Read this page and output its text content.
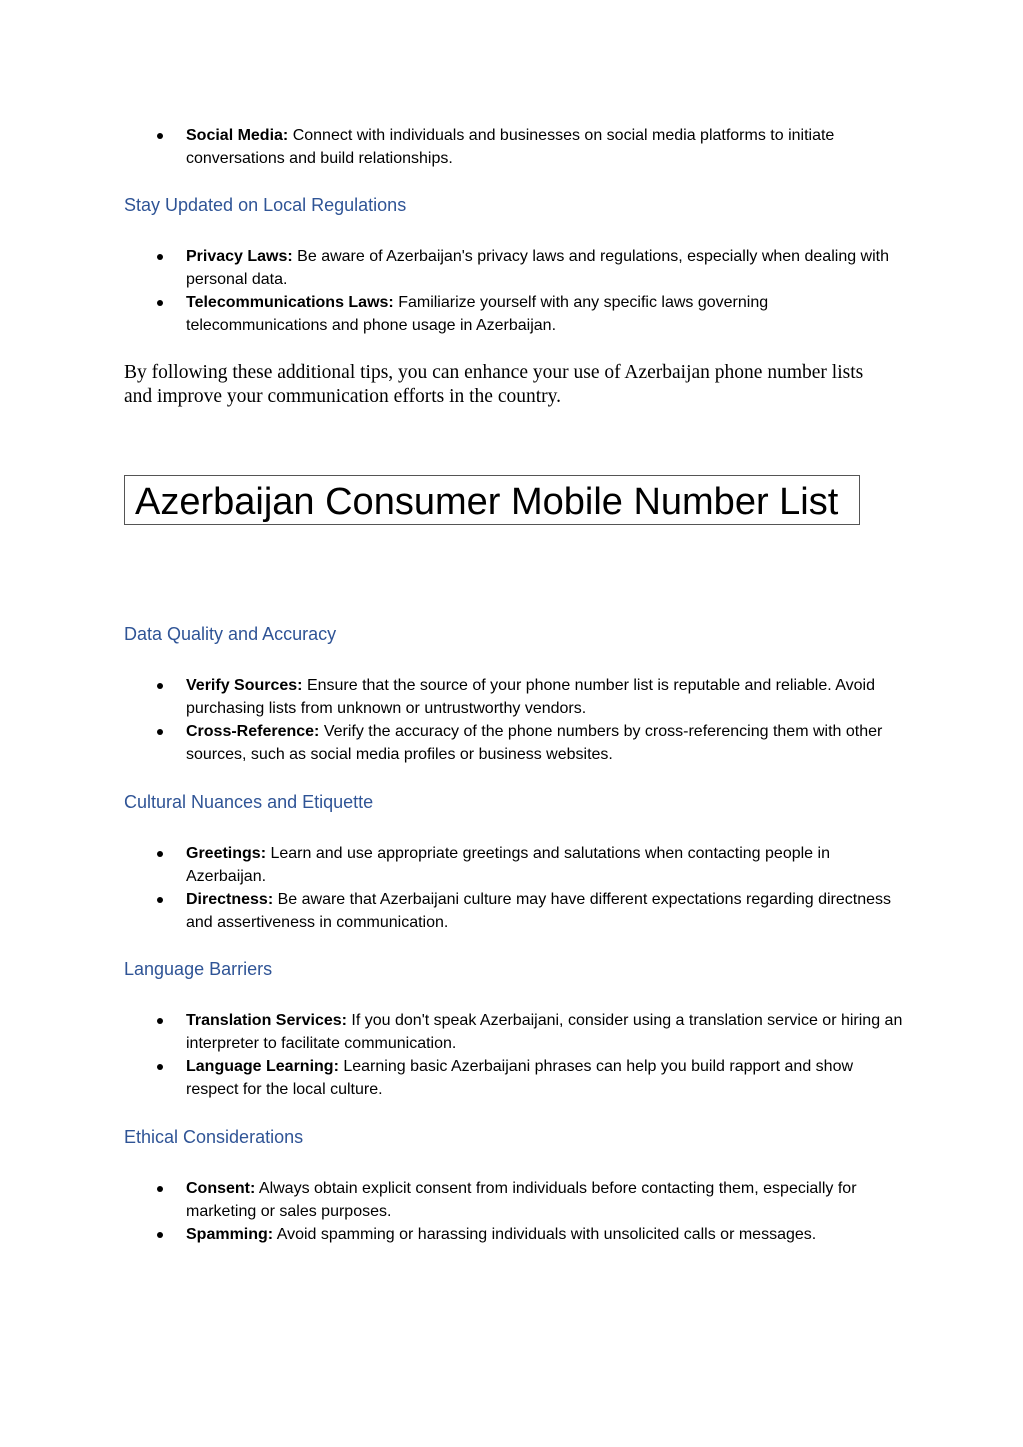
Social Media: Connect with individuals and businesses on social media platforms to initiate conversations and build relationships.
Stay Updated on Local Regulations
Privacy Laws: Be aware of Azerbaijan's privacy laws and regulations, especially when dealing with personal data.
Telecommunications Laws: Familiarize yourself with any specific laws governing telecommunications and phone usage in Azerbaijan.

By following these additional tips, you can enhance your use of Azerbaijan phone number lists and improve your communication efforts in the country.

Azerbaijan Consumer Mobile Number List
Data Quality and Accuracy
Verify Sources: Ensure that the source of your phone number list is reputable and reliable. Avoid purchasing lists from unknown or untrustworthy vendors.
Cross-Reference: Verify the accuracy of the phone numbers by cross-referencing them with other sources, such as social media profiles or business websites.
Cultural Nuances and Etiquette
Greetings: Learn and use appropriate greetings and salutations when contacting people in Azerbaijan.
Directness: Be aware that Azerbaijani culture may have different expectations regarding directness and assertiveness in communication.
Language Barriers
Translation Services: If you don't speak Azerbaijani, consider using a translation service or hiring an interpreter to facilitate communication.
Language Learning: Learning basic Azerbaijani phrases can help you build rapport and show respect for the local culture.
Ethical Considerations
Consent: Always obtain explicit consent from individuals before contacting them, especially for marketing or sales purposes.
Spamming: Avoid spamming or harassing individuals with unsolicited calls or messages.
